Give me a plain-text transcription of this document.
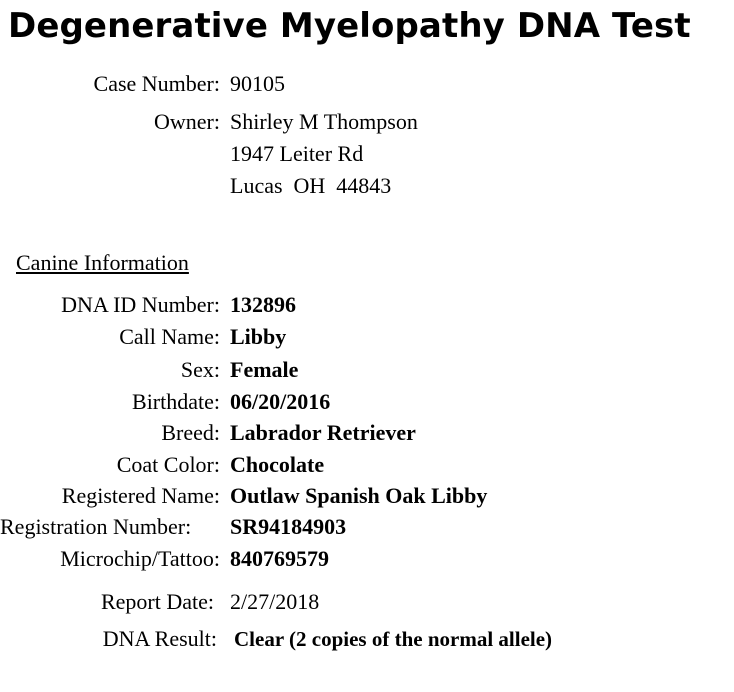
Degenerative Myelopathy DNA Test
Case Number: 90105
Owner: Shirley M Thompson
1947 Leiter Rd
Lucas  OH  44843
Canine Information
DNA ID Number: 132896
Call Name: Libby
Sex: Female
Birthdate: 06/20/2016
Breed: Labrador Retriever
Coat Color: Chocolate
Registered Name: Outlaw Spanish Oak Libby
Registration Number:	SR94184903
Microchip/Tattoo: 840769579
Report Date: 2/27/2018
DNA Result: Clear (2 copies of the normal allele)
